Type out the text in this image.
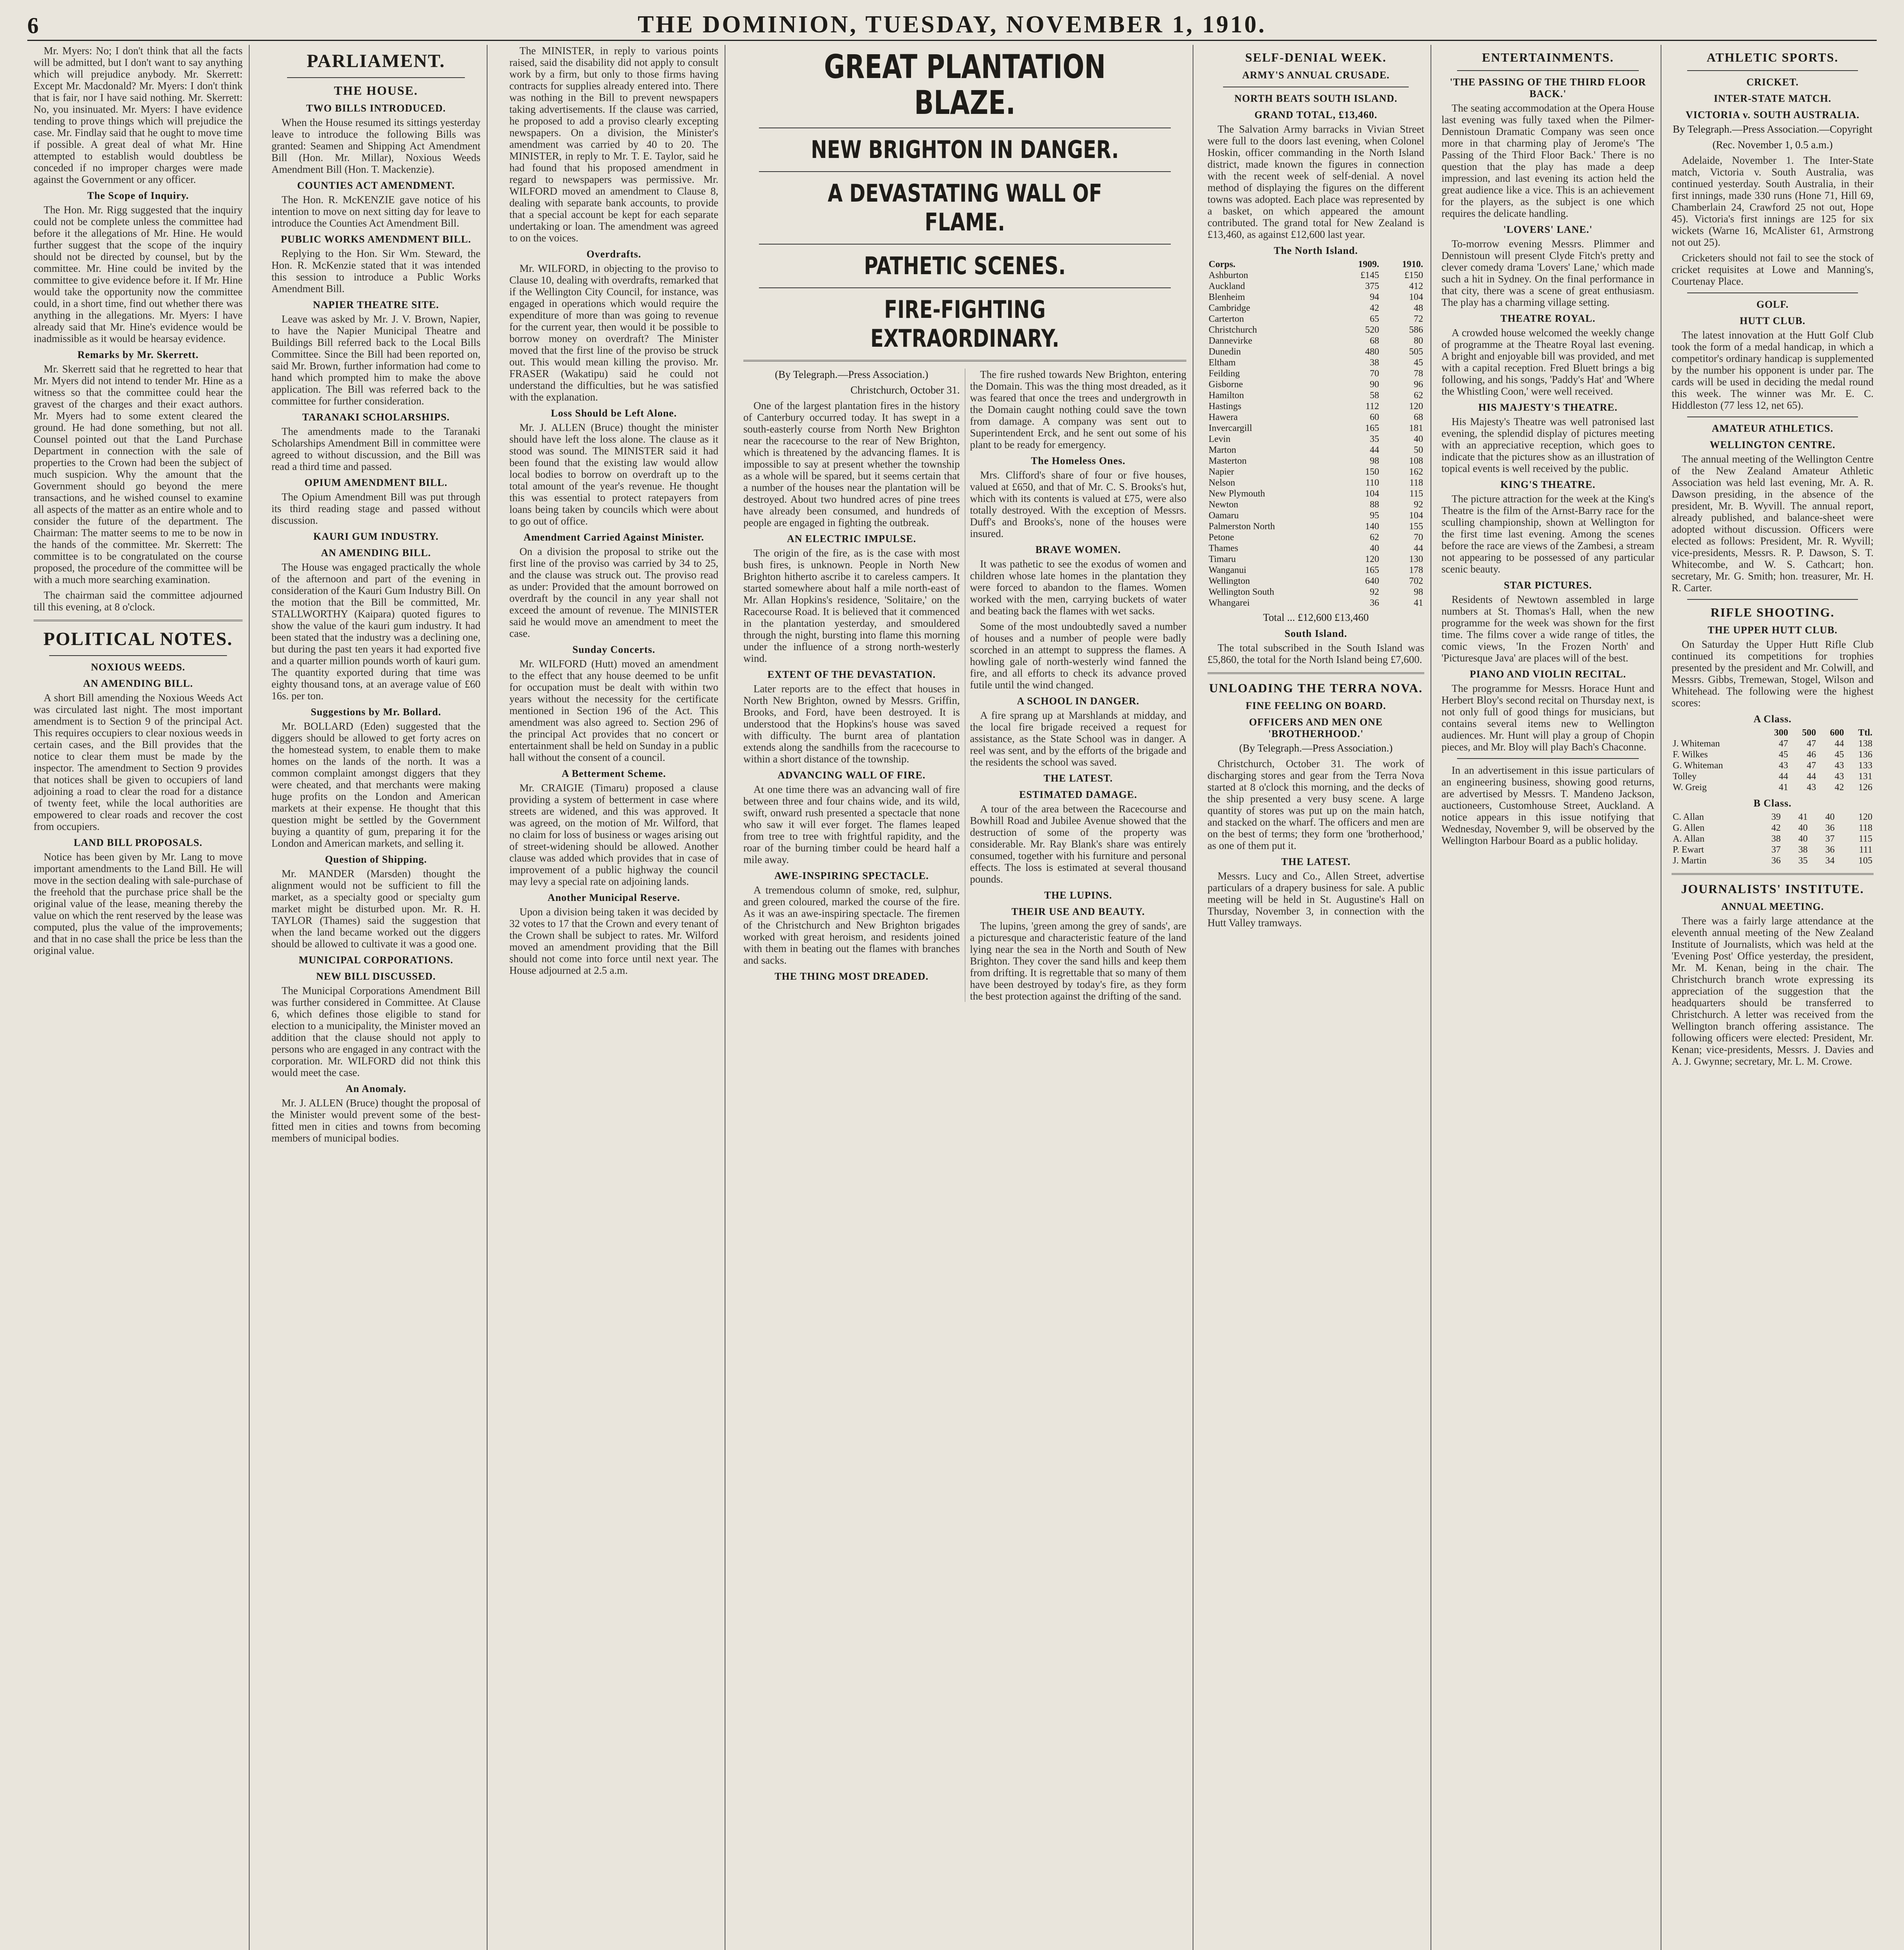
6	THE DOMINION, TUESDAY, NOVEMBER 1, 1910.

Mr. Myers: No; I don't think that all the facts will be admitted, but I don't want to say anything which will prejudice anybody. Mr. Skerrett: Except Mr. Macdonald? Mr. Myers: I don't think that is fair, nor I have said nothing. Mr. Skerrett: No, you insinuated. Mr. Myers: I have evidence tending to prove things which will prejudice the case. Mr. Findlay said that he ought to move time if possible. A great deal of what Mr. Hine attempted to establish would doubtless be conceded if no improper charges were made against the Government or any officer.

The Scope of Inquiry.

The Hon. Mr. Rigg suggested that the inquiry could not be complete unless the committee had before it the allegations of Mr. Hine. He would further suggest that the scope of the inquiry should not be directed by counsel, but by the committee. Mr. Hine could be invited by the committee to give evidence before it. If Mr. Hine would take the opportunity now the committee could, in a short time, find out whether there was anything in the allegations. Mr. Myers: I have already said that Mr. Hine's evidence would be inadmissible as it would be hearsay evidence.

Remarks by Mr. Skerrett.

Mr. Skerrett said that he regretted to hear that Mr. Myers did not intend to tender Mr. Hine as a witness so that the committee could hear the gravest of the charges and their exact authors. Mr. Myers had to some extent cleared the ground. He had done something, but not all. Counsel pointed out that the Land Purchase Department in connection with the sale of properties to the Crown had been the subject of much suspicion. Why the amount that the Government should go beyond the mere transactions, and he wished counsel to examine all aspects of the matter as an entire whole and to consider the future of the department. The Chairman: The matter seems to me to be now in the hands of the committee. Mr. Skerrett: The committee is to be congratulated on the course proposed, the procedure of the committee will be with a much more searching examination.

The chairman said the committee adjourned till this evening, at 8 o'clock.

POLITICAL NOTES.
NOXIOUS WEEDS.
AN AMENDING BILL.

A short Bill amending the Noxious Weeds Act was circulated last night. The most important amendment is to Section 9 of the principal Act. This requires occupiers to clear noxious weeds in certain cases, and the Bill provides that the notice to clear them must be made by the inspector. The amendment to Section 9 provides that notices shall be given to occupiers of land adjoining a road to clear the road for a distance of twenty feet, while the local authorities are empowered to clear roads and recover the cost from occupiers.

LAND BILL PROPOSALS.

Notice has been given by Mr. Lang to move important amendments to the Land Bill. He will move in the section dealing with sale-purchase of the freehold that the purchase price shall be the original value of the lease, meaning thereby the value on which the rent reserved by the lease was computed, plus the value of the improvements; and that in no case shall the price be less than the original value.

PARLIAMENT.
THE HOUSE.
TWO BILLS INTRODUCED.

When the House resumed its sittings yesterday leave to introduce the following Bills was granted: Seamen and Shipping Act Amendment Bill (Hon. Mr. Millar), Noxious Weeds Amendment Bill (Hon. T. Mackenzie).

COUNTIES ACT AMENDMENT.

The Hon. R. McKENZIE gave notice of his intention to move on next sitting day for leave to introduce the Counties Act Amendment Bill.

PUBLIC WORKS AMENDMENT BILL.

Replying to the Hon. Sir Wm. Steward, the Hon. R. McKenzie stated that it was intended this session to introduce a Public Works Amendment Bill.

NAPIER THEATRE SITE.

Leave was asked by Mr. J. V. Brown, Napier, to have the Napier Municipal Theatre and Buildings Bill referred back to the Local Bills Committee. Since the Bill had been reported on, said Mr. Brown, further information had come to hand which prompted him to make the above application. The Bill was referred back to the committee for further consideration.

TARANAKI SCHOLARSHIPS.

The amendments made to the Taranaki Scholarships Amendment Bill in committee were agreed to without discussion, and the Bill was read a third time and passed.

OPIUM AMENDMENT BILL.

The Opium Amendment Bill was put through its third reading stage and passed without discussion.

KAURI GUM INDUSTRY.
AN AMENDING BILL.

The House was engaged practically the whole of the afternoon and part of the evening in consideration of the Kauri Gum Industry Bill. On the motion that the Bill be committed, Mr. STALLWORTHY (Kaipara) quoted figures to show the value of the kauri gum industry. It had been stated that the industry was a declining one, but during the past ten years it had exported five and a quarter million pounds worth of kauri gum. The quantity exported during that time was eighty thousand tons, at an average value of £60 16s. per ton.

Suggestions by Mr. Bollard.

Mr. BOLLARD (Eden) suggested that the diggers should be allowed to get forty acres on the homestead system, to enable them to make homes on the lands of the north. It was a common complaint amongst diggers that they were cheated, and that merchants were making huge profits on the London and American markets at their expense. He thought that this question might be settled by the Government buying a quantity of gum, preparing it for the London and American markets, and selling it.

Question of Shipping.

Mr. MANDER (Marsden) thought the alignment would not be sufficient to fill the market, as a specialty good or specialty gum market might be disturbed upon. Mr. R. H. TAYLOR (Thames) said the suggestion that when the land became worked out the diggers should be allowed to cultivate it was a good one.

MUNICIPAL CORPORATIONS.
NEW BILL DISCUSSED.

The Municipal Corporations Amendment Bill was further considered in Committee. At Clause 6, which defines those eligible to stand for election to a municipality, the Minister moved an addition that the clause should not apply to persons who are engaged in any contract with the corporation. Mr. WILFORD did not think this would meet the case.

An Anomaly.

Mr. J. ALLEN (Bruce) thought the proposal of the Minister would prevent some of the best-fitted men in cities and towns from becoming members of municipal bodies.

The MINISTER, in reply to various points raised, said the disability did not apply to consult work by a firm, but only to those firms having contracts for supplies already entered into. There was nothing in the Bill to prevent newspapers taking advertisements. If the clause was carried, he proposed to add a proviso clearly excepting newspapers. On a division, the Minister's amendment was carried by 40 to 20. The MINISTER, in reply to Mr. T. E. Taylor, said he had found that his proposed amendment in regard to newspapers was permissive. Mr. WILFORD moved an amendment to Clause 8, dealing with separate bank accounts, to provide that a special account be kept for each separate undertaking or loan. The amendment was agreed to on the voices.

Overdrafts.

Mr. WILFORD, in objecting to the proviso to Clause 10, dealing with overdrafts, remarked that if the Wellington City Council, for instance, was engaged in operations which would require the expenditure of more than was going to revenue for the current year, then would it be possible to borrow money on overdraft? The Minister moved that the first line of the proviso be struck out. This would mean killing the proviso. Mr. FRASER (Wakatipu) said he could not understand the difficulties, but he was satisfied with the explanation.

Loss Should be Left Alone.

Mr. J. ALLEN (Bruce) thought the minister should have left the loss alone. The clause as it stood was sound. The MINISTER said it had been found that the existing law would allow local bodies to borrow on overdraft up to the total amount of the year's revenue. He thought this was essential to protect ratepayers from loans being taken by councils which were about to go out of office.

Amendment Carried Against Minister.

On a division the proposal to strike out the first line of the proviso was carried by 34 to 25, and the clause was struck out. The proviso read as under: Provided that the amount borrowed on overdraft by the council in any year shall not exceed the amount of revenue. The MINISTER said he would move an amendment to meet the case.

Sunday Concerts.

Mr. WILFORD (Hutt) moved an amendment to the effect that any house deemed to be unfit for occupation must be dealt with within two years without the necessity for the certificate mentioned in Section 196 of the Act. This amendment was also agreed to. Section 296 of the principal Act provides that no concert or entertainment shall be held on Sunday in a public hall without the consent of a council.

A Betterment Scheme.

Mr. CRAIGIE (Timaru) proposed a clause providing a system of betterment in case where streets are widened, and this was approved. It was agreed, on the motion of Mr. Wilford, that no claim for loss of business or wages arising out of street-widening should be allowed. Another clause was added which provides that in case of improvement of a public highway the council may levy a special rate on adjoining lands.

Another Municipal Reserve.

Upon a division being taken it was decided by 32 votes to 17 that the Crown and every tenant of the Crown shall be subject to rates. Mr. Wilford moved an amendment providing that the Bill should not come into force until next year. The House adjourned at 2.5 a.m.

GREAT PLANTATION BLAZE.
NEW BRIGHTON IN DANGER.
A DEVASTATING WALL OF FLAME.
PATHETIC SCENES.
FIRE-FIGHTING EXTRAORDINARY.

(By Telegraph.—Press Association.)

Christchurch, October 31.

One of the largest plantation fires in the history of Canterbury occurred today. It has swept in a south-easterly course from North New Brighton near the racecourse to the rear of New Brighton, which is threatened by the advancing flames. It is impossible to say at present whether the township as a whole will be spared, but it seems certain that a number of the houses near the plantation will be destroyed. About two hundred acres of pine trees have already been consumed, and hundreds of people are engaged in fighting the outbreak.

AN ELECTRIC IMPULSE.

The origin of the fire, as is the case with most bush fires, is unknown. People in North New Brighton hitherto ascribe it to careless campers. It started somewhere about half a mile north-east of Mr. Allan Hopkins's residence, 'Solitaire,' on the Racecourse Road. It is believed that it commenced in the plantation yesterday, and smouldered through the night, bursting into flame this morning under the influence of a strong north-westerly wind.

EXTENT OF THE DEVASTATION.

Later reports are to the effect that houses in North New Brighton, owned by Messrs. Griffin, Brooks, and Ford, have been destroyed. It is understood that the Hopkins's house was saved with difficulty. The burnt area of plantation extends along the sandhills from the racecourse to within a short distance of the township.

ADVANCING WALL OF FIRE.

At one time there was an advancing wall of fire between three and four chains wide, and its wild, swift, onward rush presented a spectacle that none who saw it will ever forget. The flames leaped from tree to tree with frightful rapidity, and the roar of the burning timber could be heard half a mile away.

AWE-INSPIRING SPECTACLE.

A tremendous column of smoke, red, sulphur, and green coloured, marked the course of the fire. As it was an awe-inspiring spectacle. The firemen of the Christchurch and New Brighton brigades worked with great heroism, and residents joined with them in beating out the flames with branches and sacks.

THE THING MOST DREADED.

The fire rushed towards New Brighton, entering the Domain. This was the thing most dreaded, as it was feared that once the trees and undergrowth in the Domain caught nothing could save the town from damage. A company was sent out to Superintendent Erck, and he sent out some of his plant to be ready for emergency.

The Homeless Ones.

Mrs. Clifford's share of four or five houses, valued at £650, and that of Mr. C. S. Brooks's hut, which with its contents is valued at £75, were also totally destroyed. With the exception of Messrs. Duff's and Brooks's, none of the houses were insured.

BRAVE WOMEN.

It was pathetic to see the exodus of women and children whose late homes in the plantation they were forced to abandon to the flames. Women worked with the men, carrying buckets of water and beating back the flames with wet sacks.

Some of the most undoubtedly saved a number of houses and a number of people were badly scorched in an attempt to suppress the flames. A howling gale of north-westerly wind fanned the fire, and all efforts to check its advance proved futile until the wind changed.

A SCHOOL IN DANGER.

A fire sprang up at Marshlands at midday, and the local fire brigade received a request for assistance, as the State School was in danger. A reel was sent, and by the efforts of the brigade and the residents the school was saved.

THE LATEST.
ESTIMATED DAMAGE.

A tour of the area between the Racecourse and Bowhill Road and Jubilee Avenue showed that the destruction of some of the property was considerable. Mr. Ray Blank's share was entirely consumed, together with his furniture and personal effects. The loss is estimated at several thousand pounds.

THE LUPINS.
THEIR USE AND BEAUTY.

The lupins, 'green among the grey of sands', are a picturesque and characteristic feature of the land lying near the sea in the North and South of New Brighton. They cover the sand hills and keep them from drifting. It is regrettable that so many of them have been destroyed by today's fire, as they form the best protection against the drifting of the sand.

SELF-DENIAL WEEK.
ARMY'S ANNUAL CRUSADE.
NORTH BEATS SOUTH ISLAND.
GRAND TOTAL, £13,460.

The Salvation Army barracks in Vivian Street were full to the doors last evening, when Colonel Hoskin, officer commanding in the North Island district, made known the figures in connection with the recent week of self-denial. A novel method of displaying the figures on the different towns was adopted. Each place was represented by a basket, on which appeared the amount contributed. The grand total for New Zealand is £13,460, as against £12,600 last year.

The North Island.
Corps.	1909.	1910.
Ashburton	£145	£150
Auckland	375	412
Blenheim	94	104
Cambridge	42	48
Carterton	65	72
Christchurch	520	586
Dannevirke	68	80
Dunedin	480	505
Eltham	38	45
Feilding	70	78
Gisborne	90	96
Hamilton	58	62
Hastings	112	120
Hawera	60	68
Invercargill	165	181
Levin	35	40
Marton	44	50
Masterton	98	108
Napier	150	162
Nelson	110	118
New Plymouth	104	115
Newton	88	92
Oamaru	95	104
Palmerston North	140	155
Petone	62	70
Thames	40	44
Timaru	120	130
Wanganui	165	178
Wellington	640	702
Wellington South	92	98
Whangarei	36	41

Total ... £12,600 £13,460

South Island.

The total subscribed in the South Island was £5,860, the total for the North Island being £7,600.

UNLOADING THE TERRA NOVA.
FINE FEELING ON BOARD.
OFFICERS AND MEN ONE 'BROTHERHOOD.'

(By Telegraph.—Press Association.)

Christchurch, October 31. The work of discharging stores and gear from the Terra Nova started at 8 o'clock this morning, and the decks of the ship presented a very busy scene. A large quantity of stores was put up on the main hatch, and stacked on the wharf. The officers and men are on the best of terms; they form one 'brotherhood,' as one of them put it.

THE LATEST.

Messrs. Lucy and Co., Allen Street, advertise particulars of a drapery business for sale. A public meeting will be held in St. Augustine's Hall on Thursday, November 3, in connection with the Hutt Valley tramways.

ENTERTAINMENTS.
'THE PASSING OF THE THIRD FLOOR BACK.'

The seating accommodation at the Opera House last evening was fully taxed when the Pilmer-Dennistoun Dramatic Company was seen once more in that charming play of Jerome's 'The Passing of the Third Floor Back.' There is no question that the play has made a deep impression, and last evening its action held the great audience like a vice. This is an achievement for the players, as the subject is one which requires the delicate handling.

'LOVERS' LANE.'

To-morrow evening Messrs. Plimmer and Dennistoun will present Clyde Fitch's pretty and clever comedy drama 'Lovers' Lane,' which made such a hit in Sydney. On the final performance in that city, there was a scene of great enthusiasm. The play has a charming village setting.

THEATRE ROYAL.

A crowded house welcomed the weekly change of programme at the Theatre Royal last evening. A bright and enjoyable bill was provided, and met with a capital reception. Fred Bluett brings a big following, and his songs, 'Paddy's Hat' and 'Where the Whistling Coon,' were well received.

HIS MAJESTY'S THEATRE.

His Majesty's Theatre was well patronised last evening, the splendid display of pictures meeting with an appreciative reception, which goes to indicate that the pictures show as an illustration of topical events is well received by the public.

KING'S THEATRE.

The picture attraction for the week at the King's Theatre is the film of the Arnst-Barry race for the sculling championship, shown at Wellington for the first time last evening. Among the scenes before the race are views of the Zambesi, a stream not appearing to be possessed of any particular scenic beauty.

STAR PICTURES.

Residents of Newtown assembled in large numbers at St. Thomas's Hall, when the new programme for the week was shown for the first time. The films cover a wide range of titles, the comic views, 'In the Frozen North' and 'Picturesque Java' are places will of the best.

PIANO AND VIOLIN RECITAL.

The programme for Messrs. Horace Hunt and Herbert Bloy's second recital on Thursday next, is not only full of good things for musicians, but contains several items new to Wellington audiences. Mr. Hunt will play a group of Chopin pieces, and Mr. Bloy will play Bach's Chaconne.

In an advertisement in this issue particulars of an engineering business, showing good returns, are advertised by Messrs. T. Mandeno Jackson, auctioneers, Customhouse Street, Auckland. A notice appears in this issue notifying that Wednesday, November 9, will be observed by the Wellington Harbour Board as a public holiday.

ATHLETIC SPORTS.
CRICKET.
INTER-STATE MATCH.
VICTORIA v. SOUTH AUSTRALIA.

By Telegraph.—Press Association.—Copyright

(Rec. November 1, 0.5 a.m.)

Adelaide, November 1. The Inter-State match, Victoria v. South Australia, was continued yesterday. South Australia, in their first innings, made 330 runs (Hone 71, Hill 69, Chamberlain 24, Crawford 25 not out, Hope 45). Victoria's first innings are 125 for six wickets (Warne 16, McAlister 61, Armstrong not out 25).

Cricketers should not fail to see the stock of cricket requisites at Lowe and Manning's, Courtenay Place.

GOLF.
HUTT CLUB.

The latest innovation at the Hutt Golf Club took the form of a medal handicap, in which a competitor's ordinary handicap is supplemented by the number his opponent is under par. The cards will be used in deciding the medal round this week. The winner was Mr. E. C. Hiddleston (77 less 12, net 65).

AMATEUR ATHLETICS.
WELLINGTON CENTRE.

The annual meeting of the Wellington Centre of the New Zealand Amateur Athletic Association was held last evening, Mr. A. R. Dawson presiding, in the absence of the president, Mr. B. Wyvill. The annual report, already published, and balance-sheet were adopted without discussion. Officers were elected as follows: President, Mr. R. Wyvill; vice-presidents, Messrs. R. P. Dawson, S. T. Whitecombe, and W. S. Cathcart; hon. secretary, Mr. G. Smith; hon. treasurer, Mr. H. R. Carter.

RIFLE SHOOTING.
THE UPPER HUTT CLUB.

On Saturday the Upper Hutt Rifle Club continued its competitions for trophies presented by the president and Mr. Colwill, and Messrs. Gibbs, Tremewan, Stogel, Wilson and Whitehead. The following were the highest scores:

A Class.
	300	500	600	Ttl.
J. Whiteman	47	47	44	138
F. Wilkes	45	46	45	136
G. Whiteman	43	47	43	133
Tolley	44	44	43	131
W. Greig	41	43	42	126
B Class.
C. Allan	39	41	40	120
G. Allen	42	40	36	118
A. Allan	38	40	37	115
P. Ewart	37	38	36	111
J. Martin	36	35	34	105
JOURNALISTS' INSTITUTE.
ANNUAL MEETING.

There was a fairly large attendance at the eleventh annual meeting of the New Zealand Institute of Journalists, which was held at the 'Evening Post' Office yesterday, the president, Mr. M. Kenan, being in the chair. The Christchurch branch wrote expressing its appreciation of the suggestion that the headquarters should be transferred to Christchurch. A letter was received from the Wellington branch offering assistance. The following officers were elected: President, Mr. Kenan; vice-presidents, Messrs. J. Davies and A. J. Gwynne; secretary, Mr. L. M. Crowe.
